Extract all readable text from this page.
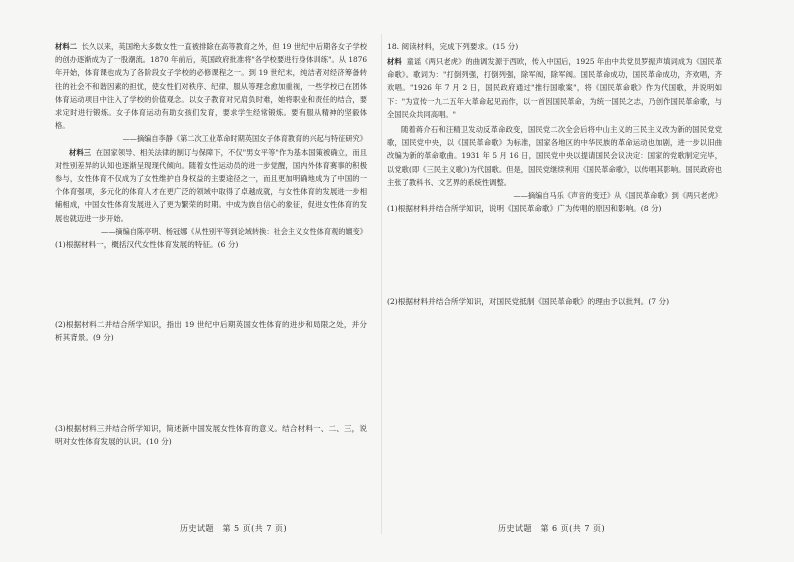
材料二 长久以来，英国绝大多数女性一直被排除在高等教育之外，但 19 世纪中后期各女子学校的创办逐渐成为了一股潮流。1870 年前后，英国政府批准将"各学校要进行身体训练"。从 1876 年开始，体育课也成为了各阶段女子学校的必修课程之一。到 19 世纪末，纯洁者对经济筹备转往的社会不和谐因素的担忧，使女性们对秩序、纪律、服从等理念愈加重视，一些学校已在团体体育运动项目中注入了学校的价值观念。以女子教育对兄肩负时难，她将职业和责任的结合，要求定时进行锻炼。女子体育运动有助女孩们发育，要求学生经常锻炼。要有服从精神的坚毅体格。

——摘编自李静《第二次工业革命时期英国女子体育教育的兴起与特征研究》

材料三 在国家领导、相关法律的制订与保障下，不仅"男女平等"作为基本国策被确立，而且对性别差异的认知也逐渐呈现现代倾向。随着女性运动员的进一步觉醒，国内外体育赛事的积极参与，女性体育不仅成为了女性维护自身权益的主要途径之一，而且更加明确地成为了中国的一个体育强项，多元化的体育人才在更广泛的领域中取得了卓越成就，与女性体育的发展进一步相辅相成，中国女性体育发展进入了更为繁荣的时期。中成为族自信心的象征，促进女性体育的发展也就迈进一步开始。

——摘编自陈亭明、杨冠娜《从性别平等到论域转换：社会主义女性体育观的嬗变》

(1)根据材料一，概括汉代女性体育发展的特征。(6 分)

(2)根据材料二并结合所学知识，指出 19 世纪中后期英国女性体育的进步和局限之处，并分析其背景。(9 分)

(3)根据材料三并结合所学知识，简述新中国发展女性体育的意义。结合材料一、二、三，说明对女性体育发展的认识。(10 分)

18. 阅读材料，完成下列要求。(15 分)

材料 童谣《两只老虎》的曲调发源于西欧，传入中国后，1925 年由中共党员罗振声填词成为《国民革命歌》。歌词为："打倒列强，打倒列强，除军阀，除军阀。国民革命成功，国民革命成功，齐欢唱，齐欢唱。"1926 年 7 月 2 日，国民政府通过"推行国歌案"，将《国民革命歌》作为代国歌，并说明如下："为宣传一九二五年大革命起见而作，以一首因国民革命，为统一国民之志，乃创作国民革命歌，与全国民众共同高唱。"

随着蒋介石和汪精卫发动反革命政变，国民党二次全会后将中山主义的三民主义改为新的国民党党歌，国民党中央，以《国民革命歌》为标准，国家各地区的中华民族的革命运动也加剧，进一步以旧曲改编为新的革命歌曲。1931 年 5 月 16 日，国民党中央以提请国民会议决定：国家的党歌制定完毕，以党歌(即《三民主义歌》)为代国歌。但是，国民党继续利用《国民革命歌》，以传唱其影响。国民政府也主张了教科书、文艺界的系统性调整。

——摘编自马乐《声音的变迁》从《国民革命歌》到《两只老虎》

(1)根据材料并结合所学知识，说明《国民革命歌》广为传唱的原因和影响。(8 分)

(2)根据材料并结合所学知识，对国民党抵制《国民革命歌》的理由予以批判。(7 分)

历史试题　第 5 页(共 7 页)	历史试题　第 6 页(共 7 页)
